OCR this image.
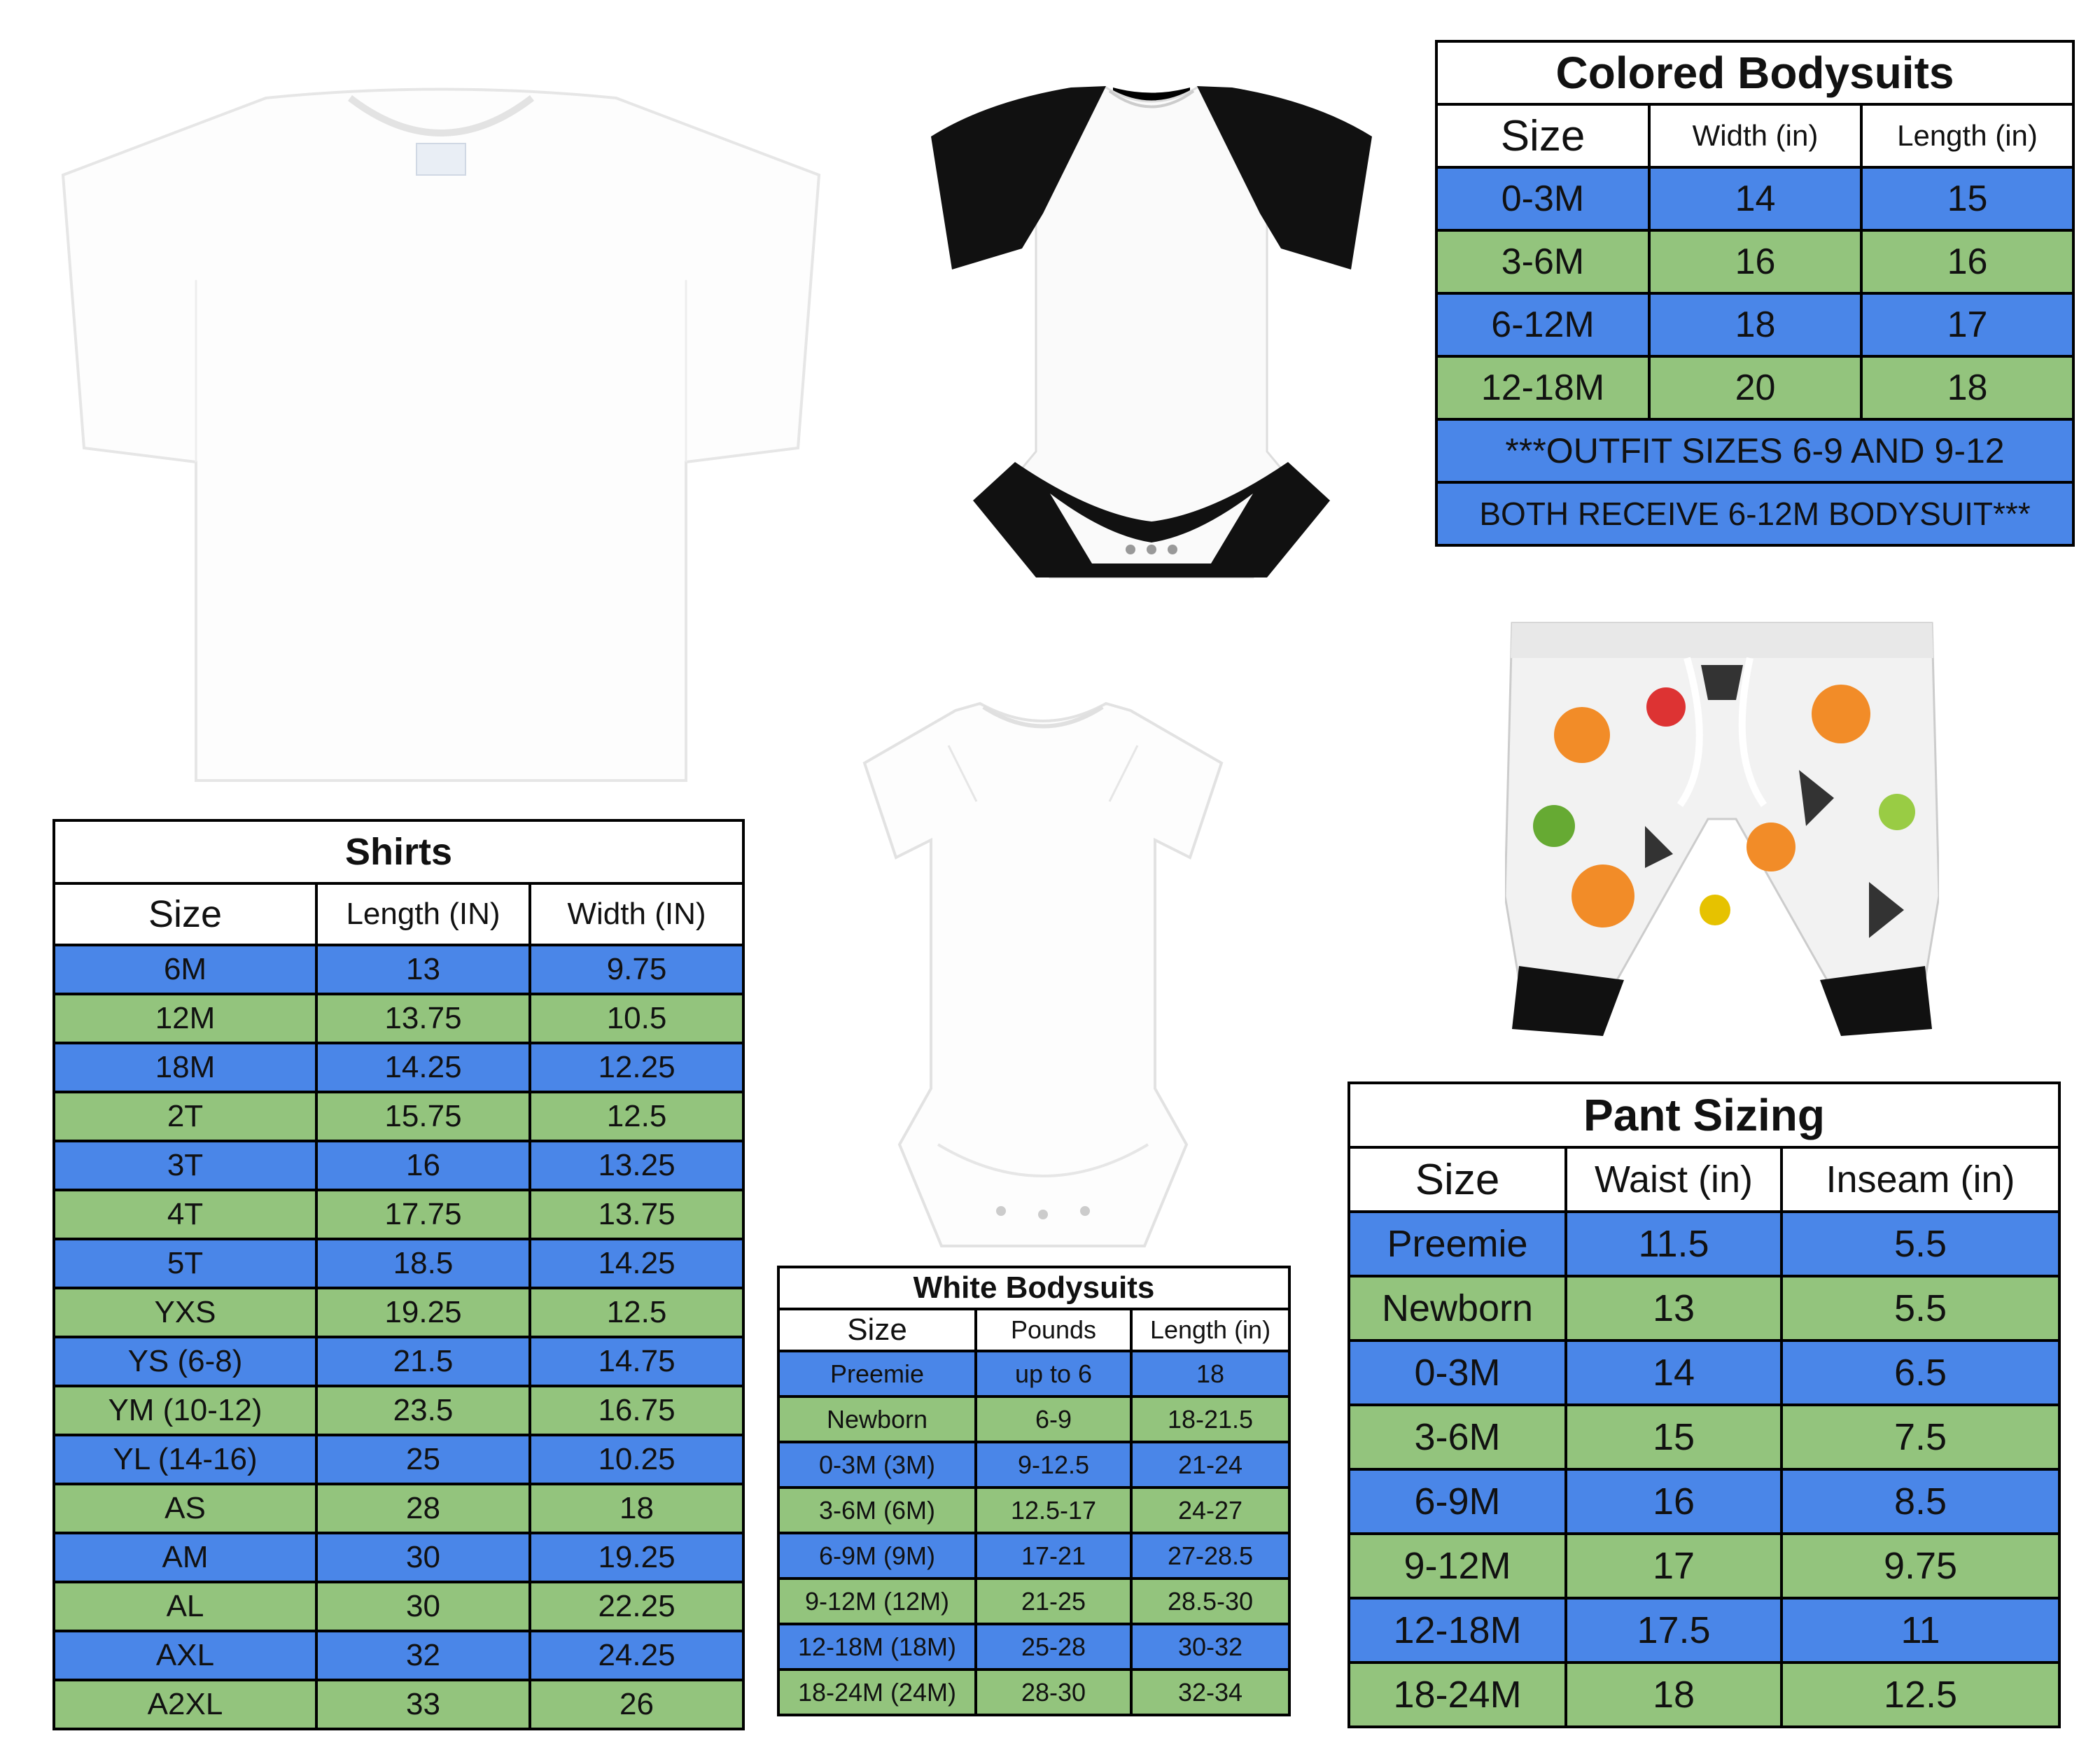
Colored Bodysuits		
Size	Width (in)	Length (in)
0-3M	14	15
3-6M	16	16
6-12M	18	17
12-18M	20	18
***OUTFIT SIZES 6-9 AND 9-12		
BOTH RECEIVE 6-12M BODYSUIT***		
Shirts		
Size	Length (IN)	Width (IN)
6M	13	9.75
12M	13.75	10.5
18M	14.25	12.25
2T	15.75	12.5
3T	16	13.25
4T	17.75	13.75
5T	18.5	14.25
YXS	19.25	12.5
YS (6-8)	21.5	14.75
YM (10-12)	23.5	16.75
YL (14-16)	25	10.25
AS	28	18
AM	30	19.25
AL	30	22.25
AXL	32	24.25
A2XL	33	26
White Bodysuits		
Size	Pounds	Length (in)
Preemie	up to 6	18
Newborn	6-9	18-21.5
0-3M (3M)	9-12.5	21-24
3-6M (6M)	12.5-17	24-27
6-9M (9M)	17-21	27-28.5
9-12M (12M)	21-25	28.5-30
12-18M (18M)	25-28	30-32
18-24M (24M)	28-30	32-34
Pant Sizing		
Size	Waist (in)	Inseam (in)
Preemie	11.5	5.5
Newborn	13	5.5
0-3M	14	6.5
3-6M	15	7.5
6-9M	16	8.5
9-12M	17	9.75
12-18M	17.5	11
18-24M	18	12.5
